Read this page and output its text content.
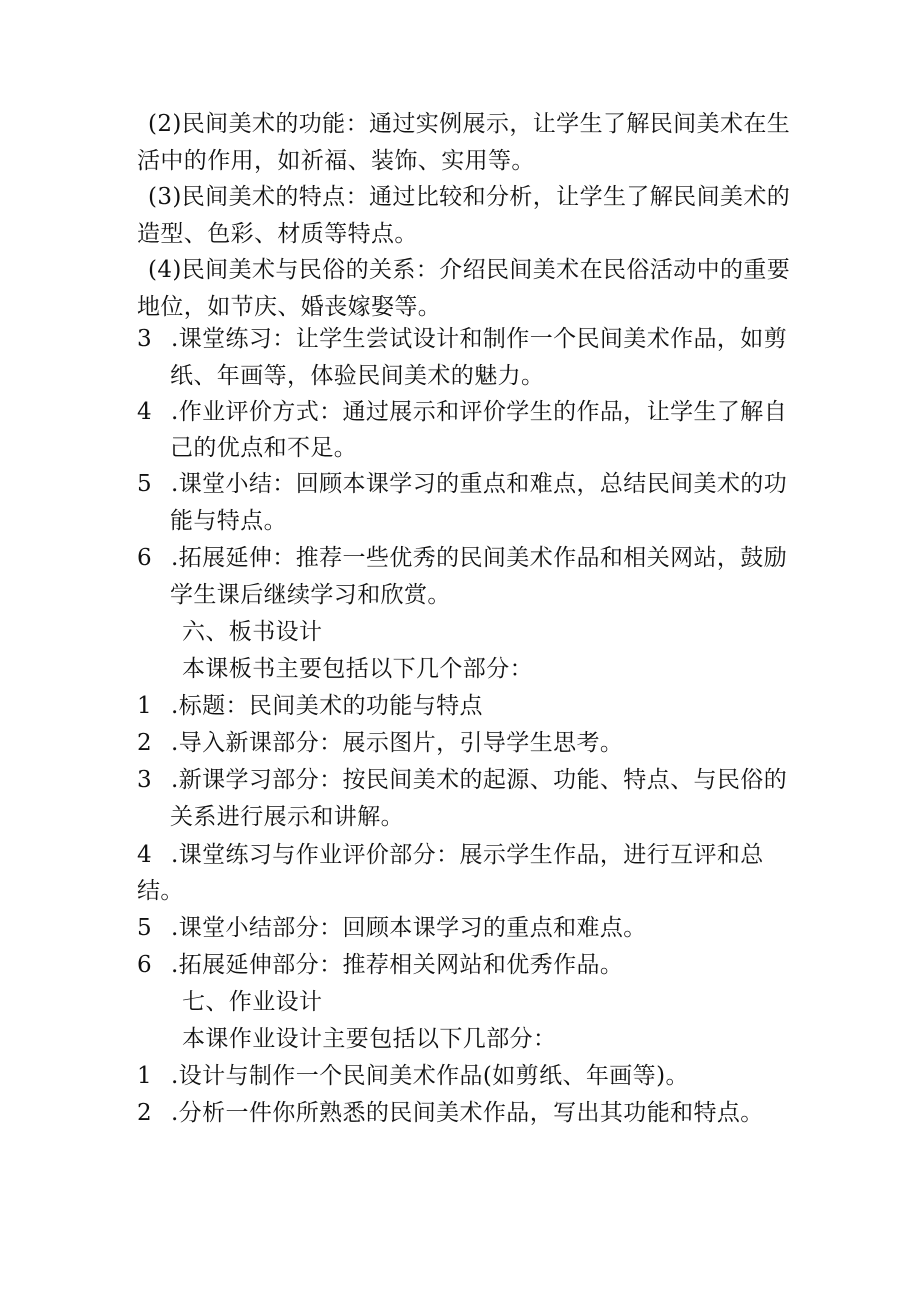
(2)民间美术的功能：通过实例展示，让学生了解民间美术在生
活中的作用，如祈福、装饰、实用等。
(3)民间美术的特点：通过比较和分析，让学生了解民间美术的
造型、色彩、材质等特点。
(4)民间美术与民俗的关系：介绍民间美术在民俗活动中的重要
地位，如节庆、婚丧嫁娶等。
3 .课堂练习：让学生尝试设计和制作一个民间美术作品，如剪
纸、年画等，体验民间美术的魅力。
4 .作业评价方式：通过展示和评价学生的作品，让学生了解自
己的优点和不足。
5 .课堂小结：回顾本课学习的重点和难点，总结民间美术的功
能与特点。
6 .拓展延伸：推荐一些优秀的民间美术作品和相关网站，鼓励
学生课后继续学习和欣赏。
六、板书设计
本课板书主要包括以下几个部分：
1 .标题：民间美术的功能与特点
2 .导入新课部分：展示图片，引导学生思考。
3 .新课学习部分：按民间美术的起源、功能、特点、与民俗的
关系进行展示和讲解。
4 .课堂练习与作业评价部分：展示学生作品，进行互评和总
结。
5 .课堂小结部分：回顾本课学习的重点和难点。
6 .拓展延伸部分：推荐相关网站和优秀作品。
七、作业设计
本课作业设计主要包括以下几部分：
1 .设计与制作一个民间美术作品(如剪纸、年画等)。
2 .分析一件你所熟悉的民间美术作品，写出其功能和特点。
